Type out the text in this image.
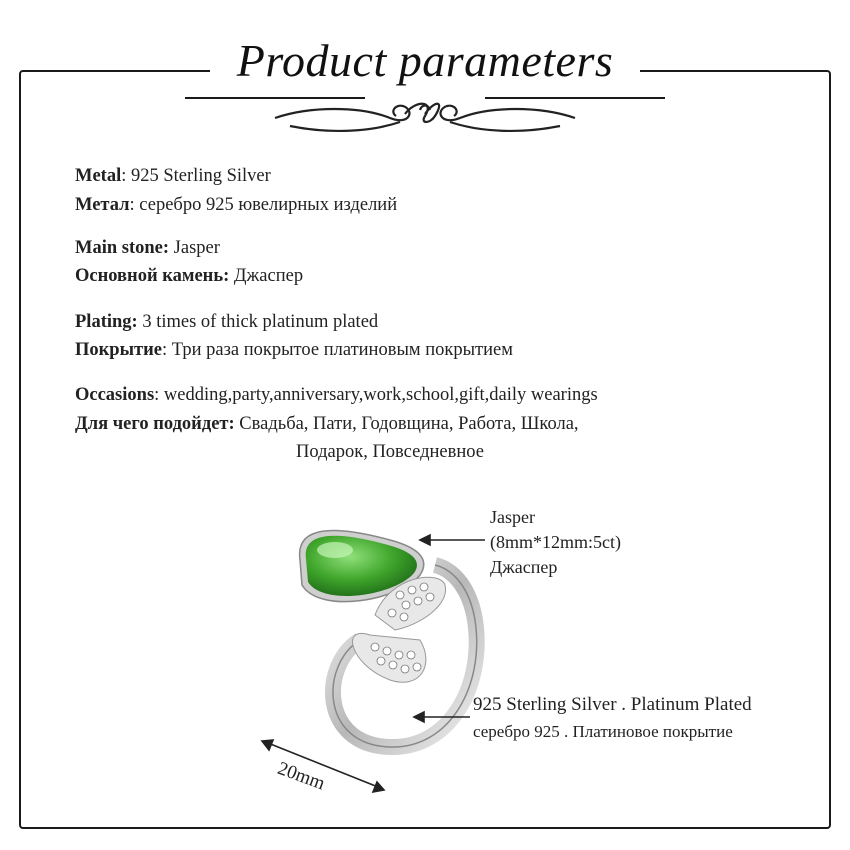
Product parameters
Metal: 925 Sterling Silver
Метал: серебро 925 ювелирных изделий
Main stone: Jasper
Основной камень: Джаспер
Plating: 3 times of thick platinum plated
Покрытие: Три раза покрытое платиновым покрытием
Occasions: wedding,party,anniversary,work,school,gift,daily wearings
Для чего подойдет: Свадьба, Пати, Годовщина, Работа, Школа,
Подарок, Повседневное
Jasper
(8mm*12mm:5ct)
Джаспер
925 Sterling Silver . Platinum Plated
серебро 925 . Платиновое покрытие
20mm
